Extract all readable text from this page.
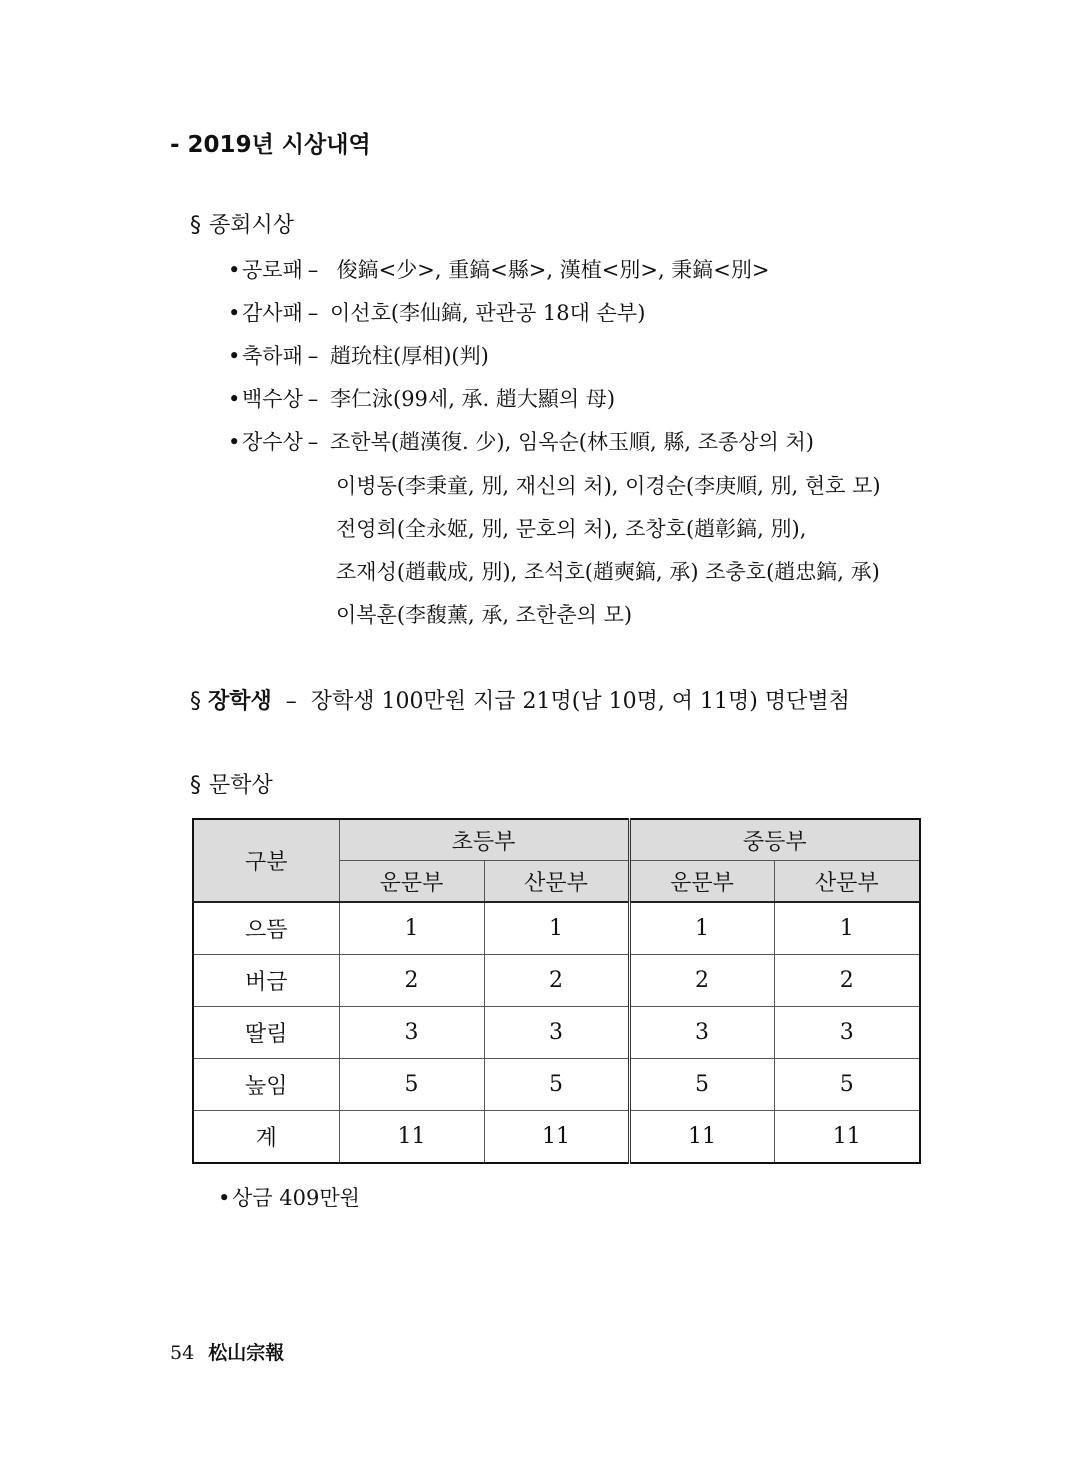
- 2019년 시상내역
§ 종회시상
•공로패 – 俊鎬<少>, 重鎬<縣>, 漢植<別>, 秉鎬<別>
•감사패 – 이선호(李仙鎬, 판관공 18대 손부)
•축하패 – 趙玧柱(厚相)(判)
•백수상 – 李仁泳(99세, 承. 趙大顯의 母)
•장수상 – 조한복(趙漢復. 少), 임옥순(林玉順, 縣, 조종상의 처)
이병동(李秉童, 別, 재신의 처), 이경순(李庚順, 別, 현호 모)
전영희(全永姬, 別, 문호의 처), 조창호(趙彰鎬, 別),
조재성(趙載成, 別), 조석호(趙奭鎬, 承) 조충호(趙忠鎬, 承)
이복훈(李馥薰, 承, 조한춘의 모)
§ 장학생 – 장학생 100만원 지급 21명(남 10명, 여 11명) 명단별첨
§ 문학상
구분	초등부		중등부	
	운문부	산문부	운문부	산문부
으뜸	1	1	1	1
버금	2	2	2	2
딸림	3	3	3	3
높임	5	5	5	5
계	11	11	11	11
•상금 409만원
54 松山宗報
